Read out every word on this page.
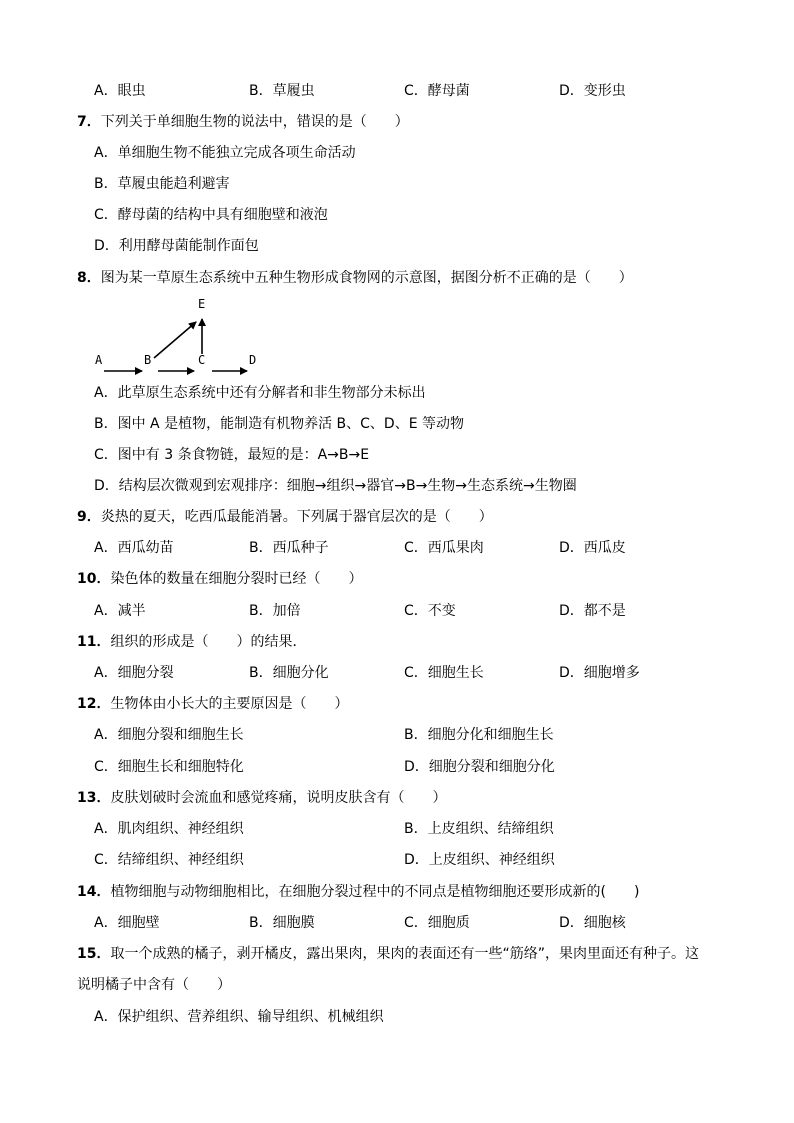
A．眼虫	B．草履虫	C．酵母菌	D．变形虫
7．下列关于单细胞生物的说法中，错误的是（　　）
A．单细胞生物不能独立完成各项生命活动
B．草履虫能趋利避害
C．酵母菌的结构中具有细胞壁和液泡
D．利用酵母菌能制作面包
8．图为某一草原生态系统中五种生物形成食物网的示意图，据图分析不正确的是（　　）
A	B	C	D
E
A．此草原生态系统中还有分解者和非生物部分未标出
B．图中 A 是植物，能制造有机物养活 B、C、D、E 等动物
C．图中有 3 条食物链，最短的是：A→B→E
D．结构层次微观到宏观排序：细胞→组织→器官→B→生物→生态系统→生物圈
9．炎热的夏天，吃西瓜最能消暑。下列属于器官层次的是（　　）
A．西瓜幼苗	B．西瓜种子	C．西瓜果肉	D．西瓜皮
10．染色体的数量在细胞分裂时已经（　　）
A．减半	B．加倍	C．不变	D．都不是
11．组织的形成是（　　）的结果．
A．细胞分裂	B．细胞分化	C．细胞生长	D．细胞增多
12．生物体由小长大的主要原因是（　　）
A．细胞分裂和细胞生长	B．细胞分化和细胞生长
C．细胞生长和细胞特化	D．细胞分裂和细胞分化
13．皮肤划破时会流血和感觉疼痛，说明皮肤含有（　　）
A．肌肉组织、神经组织	B．上皮组织、结缔组织
C．结缔组织、神经组织	D．上皮组织、神经组织
14．植物细胞与动物细胞相比，在细胞分裂过程中的不同点是植物细胞还要形成新的(　　)
A．细胞壁	B．细胞膜	C．细胞质	D．细胞核
15．取一个成熟的橘子，剥开橘皮，露出果肉，果肉的表面还有一些“筋络”，果肉里面还有种子。这
说明橘子中含有（　　）
A．保护组织、营养组织、输导组织、机械组织
